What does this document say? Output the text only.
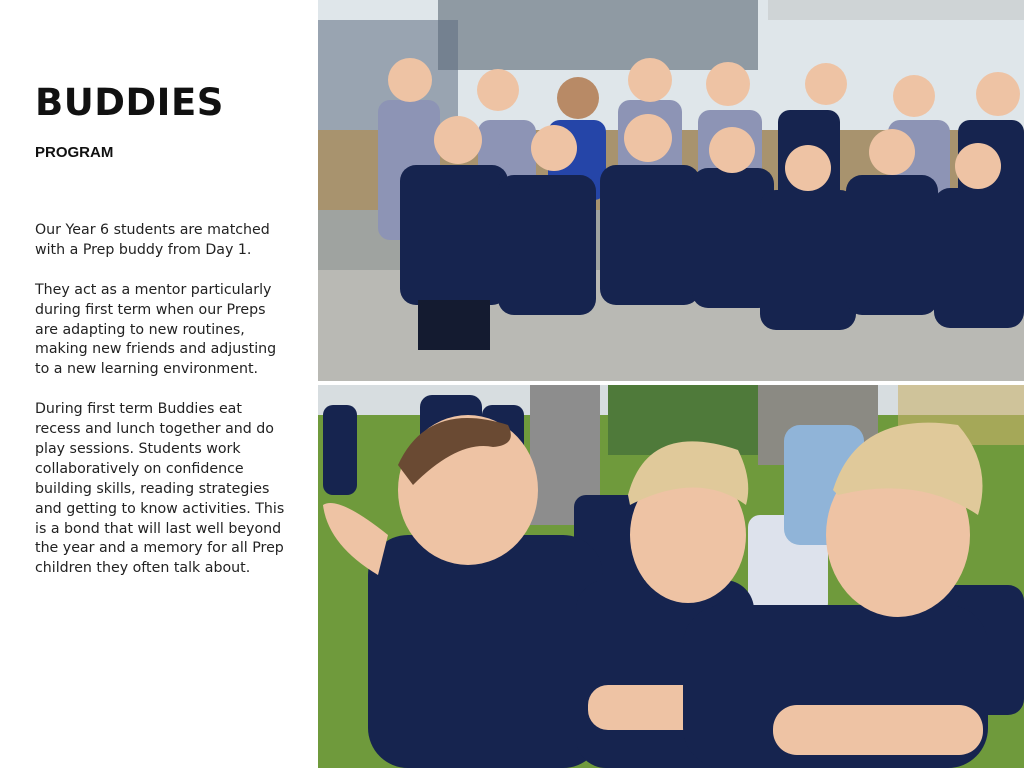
BUDDIES
PROGRAM

Our Year 6 students are matched with a Prep buddy from Day 1.

They act as a mentor particularly during first term when our Preps are adapting to new routines, making new friends and adjusting to a new learning environment.

During first term Buddies eat recess and lunch together and do play sessions. Students work collaboratively on confidence building skills, reading strategies and getting to know activities. This is a bond that will last well beyond the year and a memory for all Prep children they often talk about.
